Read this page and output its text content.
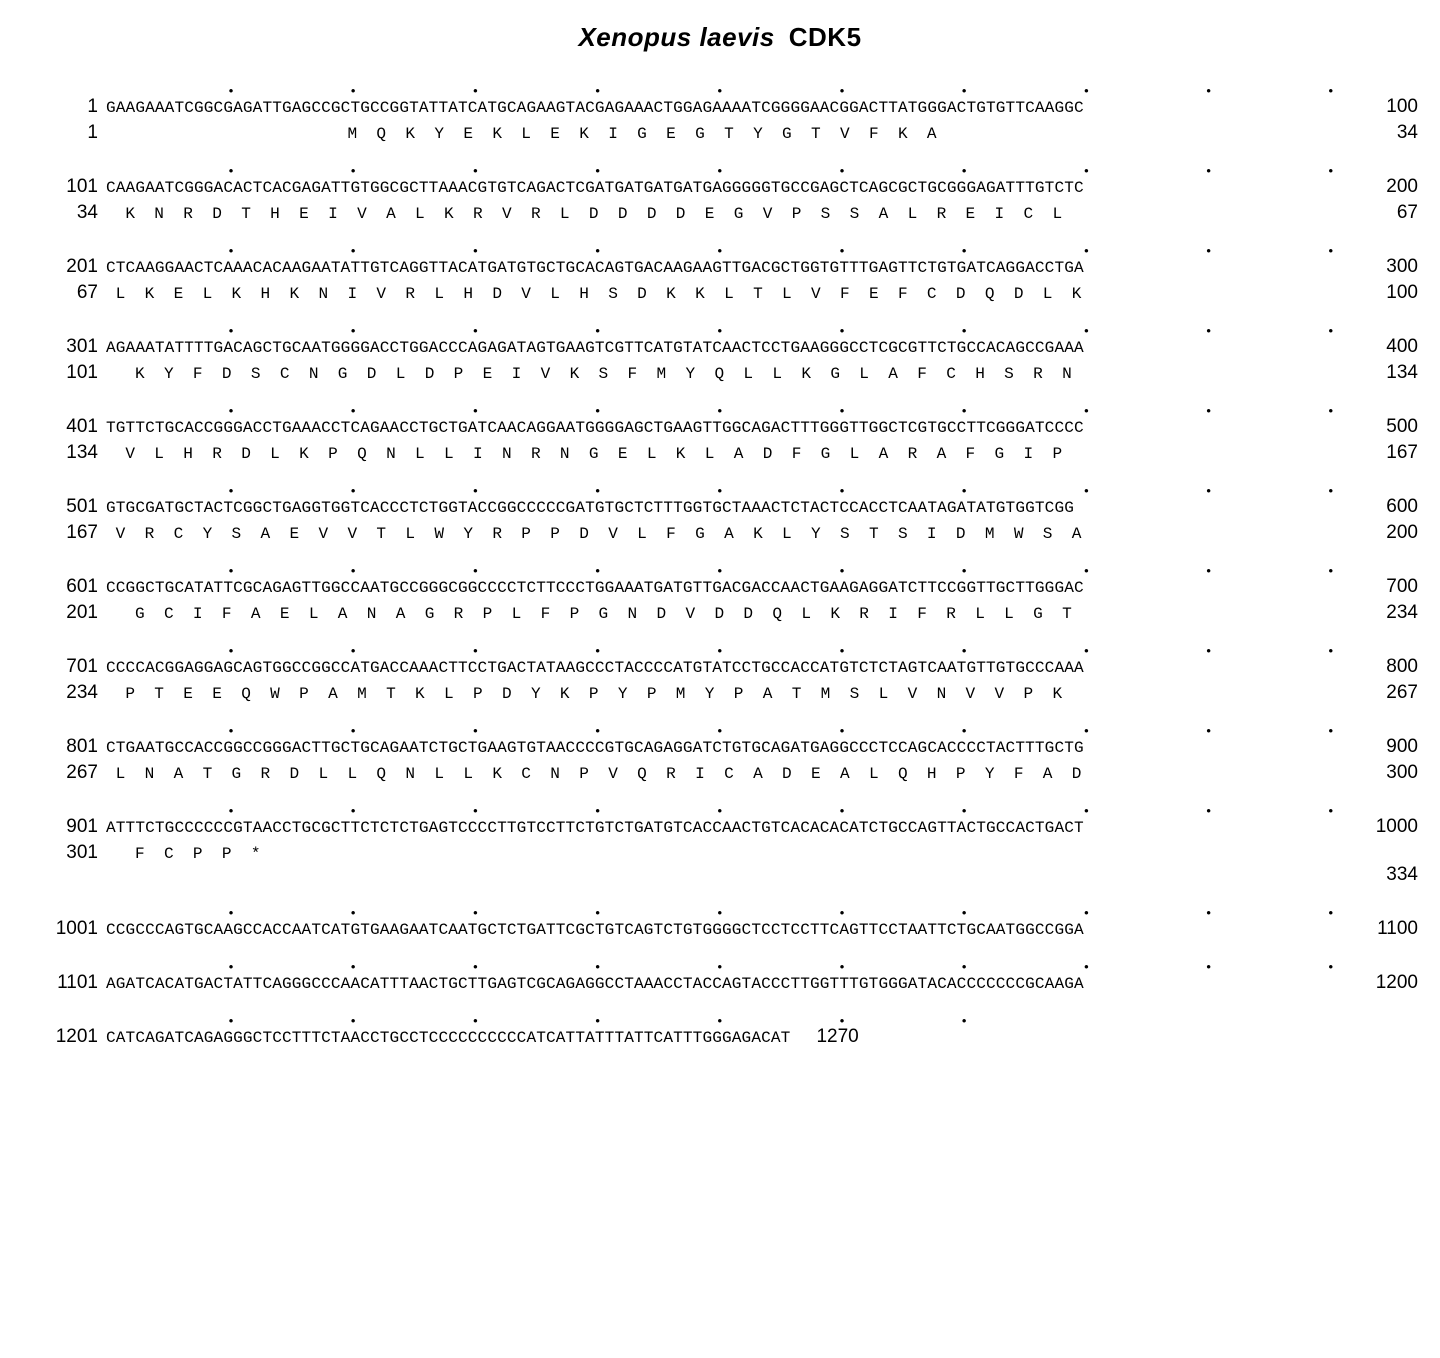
Xenopus laevis CDK5
•	•	•	•	•	•	•	•	•	•
1 GAAGAAATCGGCGAGATTGAGCCGCTGCCGGTATTATCATGCAGAAGTACGAGAAACTGGAGAAAATCGGGGAACGGACTTATGGGACTGTGTTCAAGGC	100
1 M  Q  K  Y  E  K  L  E  K  I  G  E  G  T  Y  G  T  V  F  K  A	34
•	•	•	•	•	•	•	•	•	•
101 CAAGAATCGGGACACTCACGAGATTGTGGCGCTTAAACGTGTCAGACTCGATGATGATGATGAGGGGGTGCCGAGCTCAGCGCTGCGGGAGATTTGTCTC	200
34 K  N  R  D  T  H  E  I  V  A  L  K  R  V  R  L  D  D  D  D  E  G  V  P  S  S  A  L  R  E  I  C  L	67
•	•	•	•	•	•	•	•	•	•
201 CTCAAGGAACTCAAACACAAGAATATTGTCAGGTTACATGATGTGCTGCACAGTGACAAGAAGTTGACGCTGGTGTTTGAGTTCTGTGATCAGGACCTGA	300
67 L  K  E  L  K  H  K  N  I  V  R  L  H  D  V  L  H  S  D  K  K  L  T  L  V  F  E  F  C  D  Q  D  L  K	100
•	•	•	•	•	•	•	•	•	•
301 AGAAATATTTTGACAGCTGCAATGGGGACCTGGACCCAGAGATAGTGAAGTCGTTCATGTATCAACTCCTGAAGGGCCTCGCGTTCTGCCACAGCCGAAA	400
101 K  Y  F  D  S  C  N  G  D  L  D  P  E  I  V  K  S  F  M  Y  Q  L  L  K  G  L  A  F  C  H  S  R  N	134
•	•	•	•	•	•	•	•	•	•
401 TGTTCTGCACCGGGACCTGAAACCTCAGAACCTGCTGATCAACAGGAATGGGGAGCTGAAGTTGGCAGACTTTGGGTTGGCTCGTGCCTTCGGGATCCCC	500
134 V  L  H  R  D  L  K  P  Q  N  L  L  I  N  R  N  G  E  L  K  L  A  D  F  G  L  A  R  A  F  G  I  P	167
•	•	•	•	•	•	•	•	•	•
501 GTGCGATGCTACTCGGCTGAGGTGGTCACCCTCTGGTACCGGCCCCCGATGTGCTCTTTGGTGCTAAACTCTACTCCACCTCAATAGATATGTGGTCGG	600
167 V  R  C  Y  S  A  E  V  V  T  L  W  Y  R  P  P  D  V  L  F  G  A  K  L  Y  S  T  S  I  D  M  W  S  A	200
•	•	•	•	•	•	•	•	•	•
601 CCGGCTGCATATTCGCAGAGTTGGCCAATGCCGGGCGGCCCCTCTTCCCTGGAAATGATGTTGACGACCAACTGAAGAGGATCTTCCGGTTGCTTGGGAC	700
201 G  C  I  F  A  E  L  A  N  A  G  R  P  L  F  P  G  N  D  V  D  D  Q  L  K  R  I  F  R  L  L  G  T	234
•	•	•	•	•	•	•	•	•	•
701 CCCCACGGAGGAGCAGTGGCCGGCCATGACCAAACTTCCTGACTATAAGCCCTACCCCATGTATCCTGCCACCATGTCTCTAGTCAATGTTGTGCCCAAA	800
234 P  T  E  E  Q  W  P  A  M  T  K  L  P  D  Y  K  P  Y  P  M  Y  P  A  T  M  S  L  V  N  V  V  P  K	267
•	•	•	•	•	•	•	•	•	•
801 CTGAATGCCACCGGCCGGGACTTGCTGCAGAATCTGCTGAAGTGTAACCCCGTGCAGAGGATCTGTGCAGATGAGGCCCTCCAGCACCCCTACTTTGCTG	900
267 L  N  A  T  G  R  D  L  L  Q  N  L  L  K  C  N  P  V  Q  R  I  C  A  D  E  A  L  Q  H  P  Y  F  A  D	300
•	•	•	•	•	•	•	•	•	•
901 ATTTCTGCCCCCCGTAACCTGCGCTTCTCTCTGAGTCCCCTTGTCCTTCTGTCTGATGTCACCAACTGTCACACACATCTGCCAGTTACTGCCACTGACT	1000
301 F  C  P  P  *
334
•	•	•	•	•	•	•	•	•	•
1001 CCGCCCAGTGCAAGCCACCAATCATGTGAAGAATCAATGCTCTGATTCGCTGTCAGTCTGTGGGGCTCCTCCTTCAGTTCCTAATTCTGCAATGGCCGGA	1100
•	•	•	•	•	•	•	•	•	•
1101 AGATCACATGACTATTCAGGGCCCAACATTTAACTGCTTGAGTCGCAGAGGCCTAAACCTACCAGTACCCTTGGTTTGTGGGATACACCCCCCCGCAAGA	1200
•	•	•	•	•	•	•
1201 CATCAGATCAGAGGGCTCCTTTCTAACCTGCCTCCCCCCCCCCATCATTATTTATTCATTTGGGAGACAT	1270
